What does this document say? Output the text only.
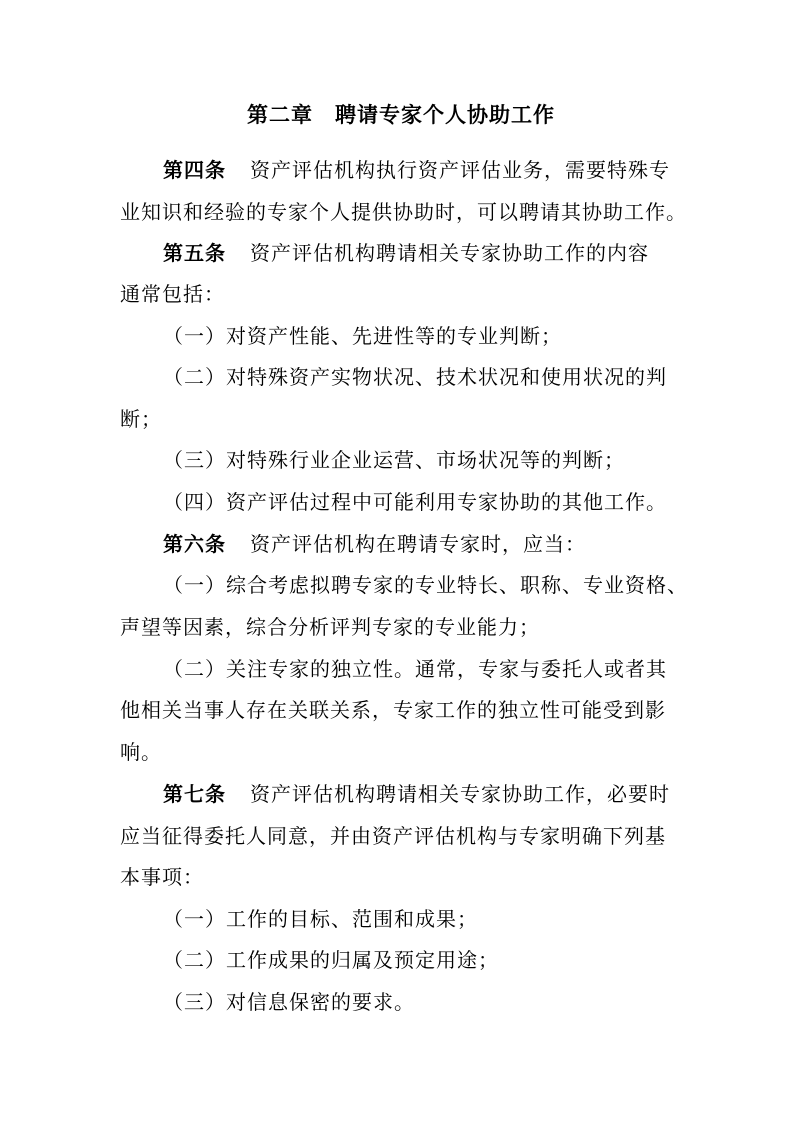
第二章 聘请专家个人协助工作
第四条 资产评估机构执行资产评估业务，需要特殊专
业知识和经验的专家个人提供协助时，可以聘请其协助工作。
第五条 资产评估机构聘请相关专家协助工作的内容
通常包括：
（一）对资产性能、先进性等的专业判断；
（二）对特殊资产实物状况、技术状况和使用状况的判
断；
（三）对特殊行业企业运营、市场状况等的判断；
（四）资产评估过程中可能利用专家协助的其他工作。
第六条 资产评估机构在聘请专家时，应当：
（一）综合考虑拟聘专家的专业特长、职称、专业资格、
声望等因素，综合分析评判专家的专业能力；
（二）关注专家的独立性。通常，专家与委托人或者其
他相关当事人存在关联关系，专家工作的独立性可能受到影
响。
第七条 资产评估机构聘请相关专家协助工作，必要时
应当征得委托人同意，并由资产评估机构与专家明确下列基
本事项：
（一）工作的目标、范围和成果；
（二）工作成果的归属及预定用途；
（三）对信息保密的要求。
